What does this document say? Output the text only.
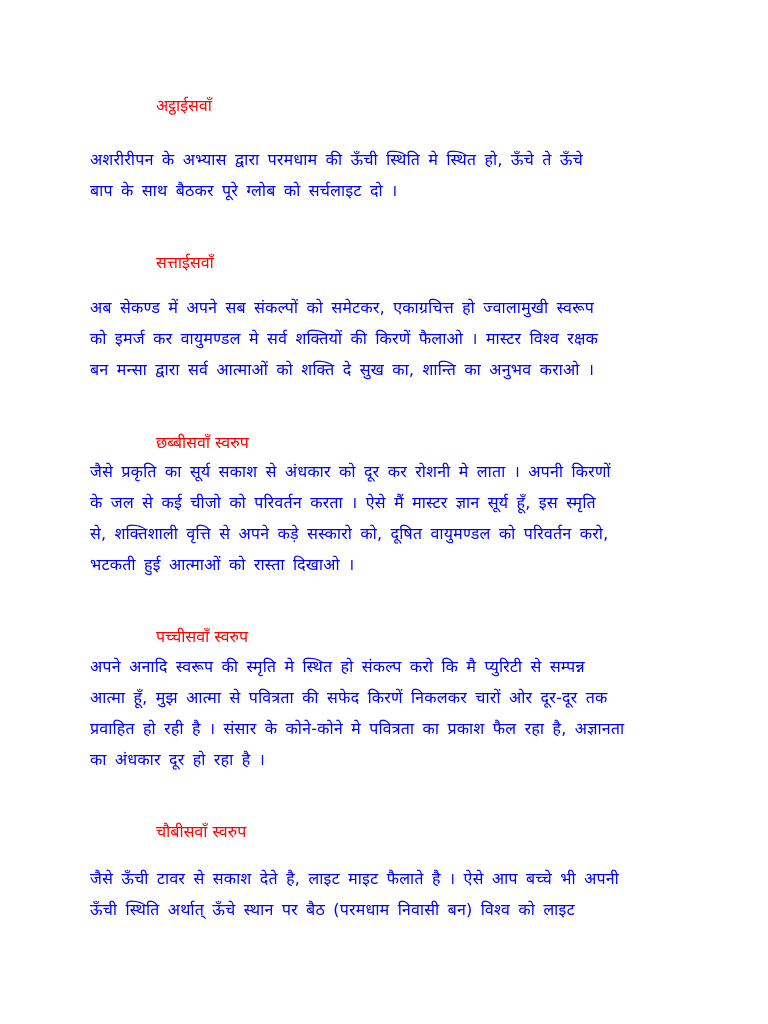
अट्ठाईसवाँ
अशरीरीपन के अभ्यास द्वारा परमधाम की ऊँची स्थिति मे स्थित हो, ऊँचे ते ऊँचे
बाप के साथ बैठकर पूरे ग्लोब को सर्चलाइट दो ।
सत्ताईसवाँ
अब सेकण्ड में अपने सब संकल्पों को समेटकर, एकाग्रचित्त हो ज्वालामुखी स्वरूप
को इमर्ज कर वायुमण्डल मे सर्व शक्तियों की किरणें फैलाओ । मास्टर विश्व रक्षक
बन मन्सा द्वारा सर्व आत्माओं को शक्ति दे सुख का, शान्ति का अनुभव कराओ ।
छब्बीसवाँ स्वरुप
जैसे प्रकृति का सूर्य सकाश से अंधकार को दूर कर रोशनी मे लाता । अपनी किरणों
के जल से कई चीजो को परिवर्तन करता । ऐसे मैं मास्टर ज्ञान सूर्य हूँ, इस स्मृति
से, शक्तिशाली वृत्ति से अपने कड़े सस्कारो को, दूषित वायुमण्डल को परिवर्तन करो,
भटकती हुई आत्माओं को रास्ता दिखाओ ।
पच्चीसवाँ स्वरुप
अपने अनादि स्वरूप की स्मृति मे स्थित हो संकल्प करो कि मै प्युरिटी से सम्पन्न
आत्मा हूँ, मुझ आत्मा से पवित्रता की सफेद किरणें निकलकर चारों ओर दूर-दूर तक
प्रवाहित हो रही है । संसार के कोने-कोने मे पवित्रता का प्रकाश फैल रहा है, अज्ञानता
का अंधकार दूर हो रहा है ।
चौबीसवाँ स्वरुप
जैसे ऊँची टावर से सकाश देते है, लाइट माइट फैलाते है । ऐसे आप बच्चे भी अपनी
ऊँची स्थिति अर्थात् ऊँचे स्थान पर बैठ (परमधाम निवासी बन) विश्व को लाइट
